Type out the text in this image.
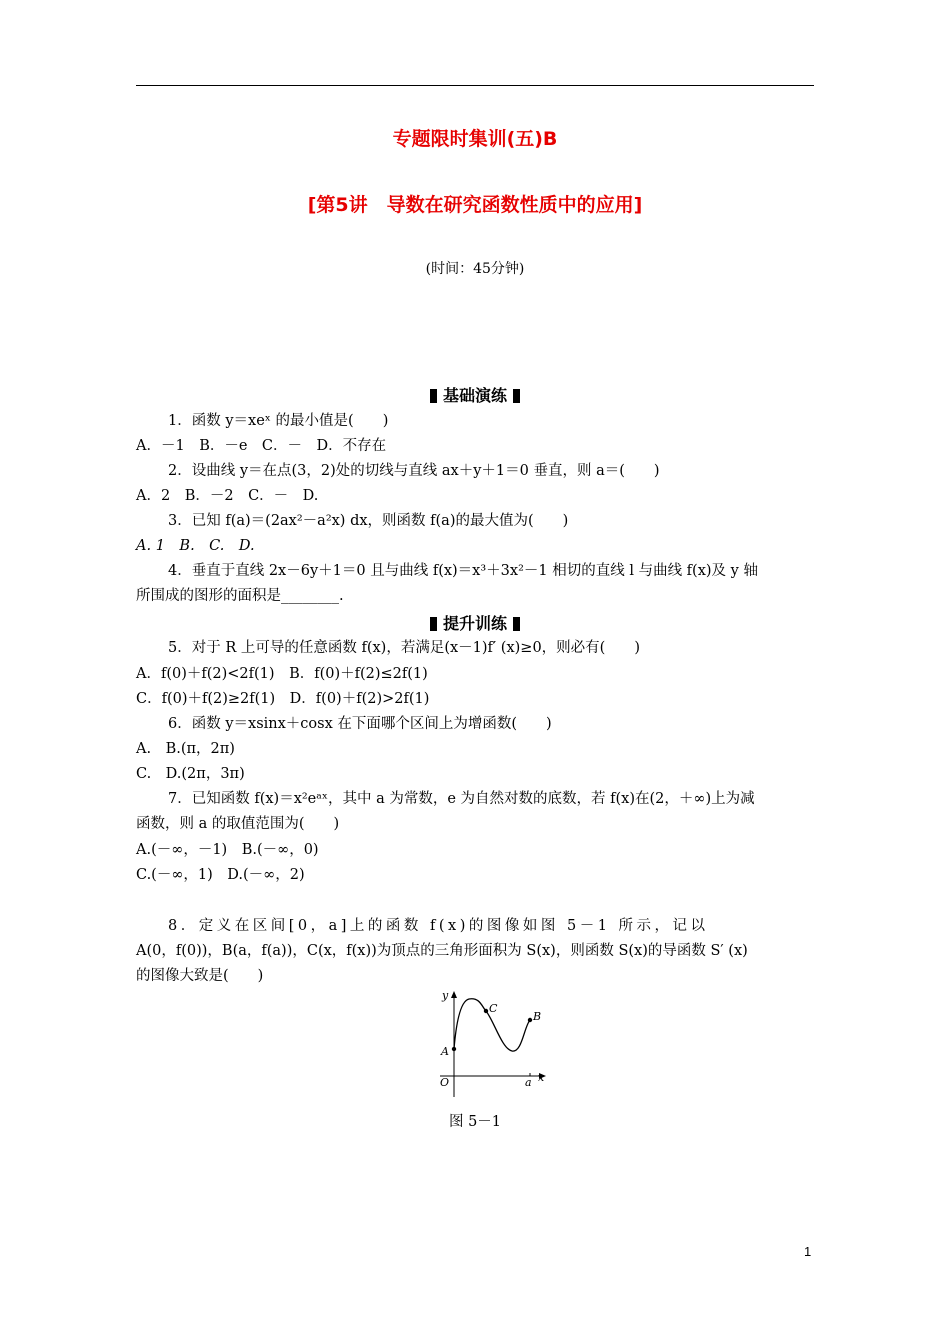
专题限时集训(五)B
[第5讲　导数在研究函数性质中的应用]
(时间：45分钟)
基础演练
1．函数 y＝xeˣ 的最小值是(　　)
A．－1　B．－e　C．－　D．不存在
2．设曲线 y＝在点(3，2)处的切线与直线 ax＋y＋1＝0 垂直，则 a＝(　　)
A．2　B．－2　C．－　D.
3．已知 f(a)＝(2ax²－a²x) dx，则函数 f(a)的最大值为(　　)
A. 1　B.　C.　D.
4．垂直于直线 2x－6y＋1＝0 且与曲线 f(x)＝x³＋3x²－1 相切的直线 l 与曲线 f(x)及 y 轴
所围成的图形的面积是________.
提升训练
5．对于 R 上可导的任意函数 f(x)，若满足(x－1)f′ (x)≥0，则必有(　　)
A．f(0)＋f(2)<2f(1)　B．f(0)＋f(2)≤2f(1)
C．f(0)＋f(2)≥2f(1)　D．f(0)＋f(2)>2f(1)
6．函数 y＝xsinx＋cosx 在下面哪个区间上为增函数(　　)
A.　B.(π，2π)
C.　D.(2π，3π)
7．已知函数 f(x)＝x²eᵃˣ，其中 a 为常数，e 为自然对数的底数，若 f(x)在(2，＋∞)上为减
函数，则 a 的取值范围为(　　)
A.(－∞，－1)　B.(－∞，0)
C.(－∞，1)　D.(－∞，2)
8．定义在区间[0，a]上的函数 f(x)的图像如图 5－1 所示，记以
A(0，f(0))，B(a，f(a))，C(x，f(x))为顶点的三角形面积为 S(x)，则函数 S(x)的导函数 S′ (x)
的图像大致是(　　)
y
x
O	a
A
C
B
图 5－1
1
